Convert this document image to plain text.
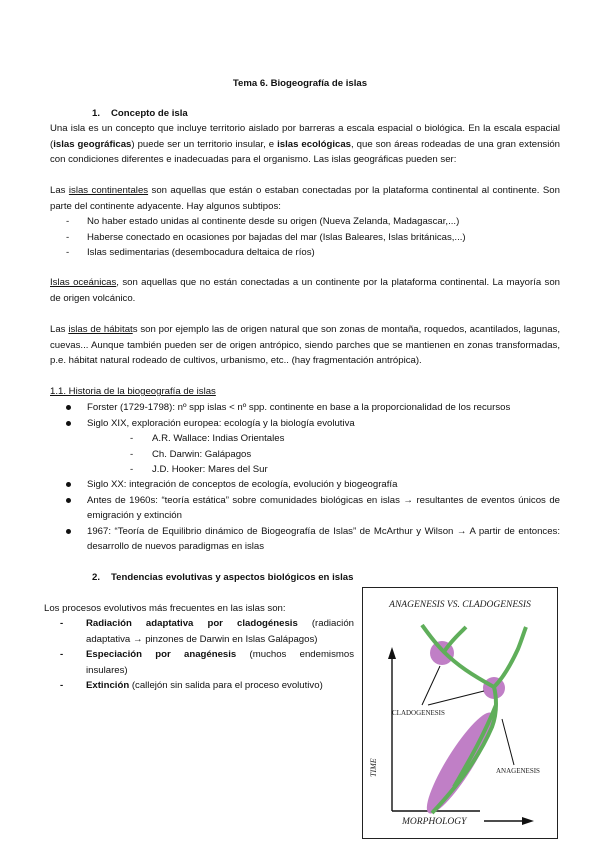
Tema 6. Biogeografía de islas
1. Concepto de isla
Una isla es un concepto que incluye territorio aislado por barreras a escala espacial o biológica. En la escala espacial (islas geográficas) puede ser un territorio insular, e islas ecológicas, que son áreas rodeadas de una gran extensión con condiciones diferentes e inadecuadas para el organismo. Las islas geográficas pueden ser:
Las islas continentales son aquellas que están o estaban conectadas por la plataforma continental al continente. Son parte del continente adyacente. Hay algunos subtipos:
- No haber estado unidas al continente desde su origen (Nueva Zelanda, Madagascar,...)
- Haberse conectado en ocasiones por bajadas del mar (Islas Baleares, Islas británicas,...)
- Islas sedimentarias (desembocadura deltaica de ríos)
Islas oceánicas, son aquellas que no están conectadas a un continente por la plataforma continental. La mayoría son de origen volcánico.
Las islas de hábitats son por ejemplo las de origen natural que son zonas de montaña, roquedos, acantilados, lagunas, cuevas... Aunque también pueden ser de origen antrópico, siendo parches que se mantienen en zonas transformadas, p.e. hábitat natural rodeado de cultivos, urbanismo, etc.. (hay fragmentación antrópica).
1.1. Historia de la biogeografía de islas
Forster (1729-1798): nº spp islas < nº spp. continente en base a la proporcionalidad de los recursos
Siglo XIX, exploración europea: ecología y la biología evolutiva
- A.R. Wallace: Indias Orientales
- Ch. Darwin: Galápagos
- J.D. Hooker: Mares del Sur
Siglo XX: integración de conceptos de ecología, evolución y biogeografía
Antes de 1960s: “teoría estática” sobre comunidades biológicas en islas → resultantes de eventos únicos de emigración y extinción
1967: “Teoría de Equilibrio dinámico de Biogeografía de Islas” de McArthur y Wilson → A partir de entonces: desarrollo de nuevos paradigmas en islas
2. Tendencias evolutivas y aspectos biológicos en islas
Los procesos evolutivos más frecuentes en las islas son:
- Radiación adaptativa por cladogénesis (radiación adaptativa → pinzones de Darwin en Islas Galápagos)
- Especiación por anagénesis (muchos endemismos insulares)
- Extinción (callejón sin salida para el proceso evolutivo)
ANAGENESIS VS. CLADOGENESIS
CLADOGENESIS
ANAGENESIS
TIME
MORPHOLOGY
